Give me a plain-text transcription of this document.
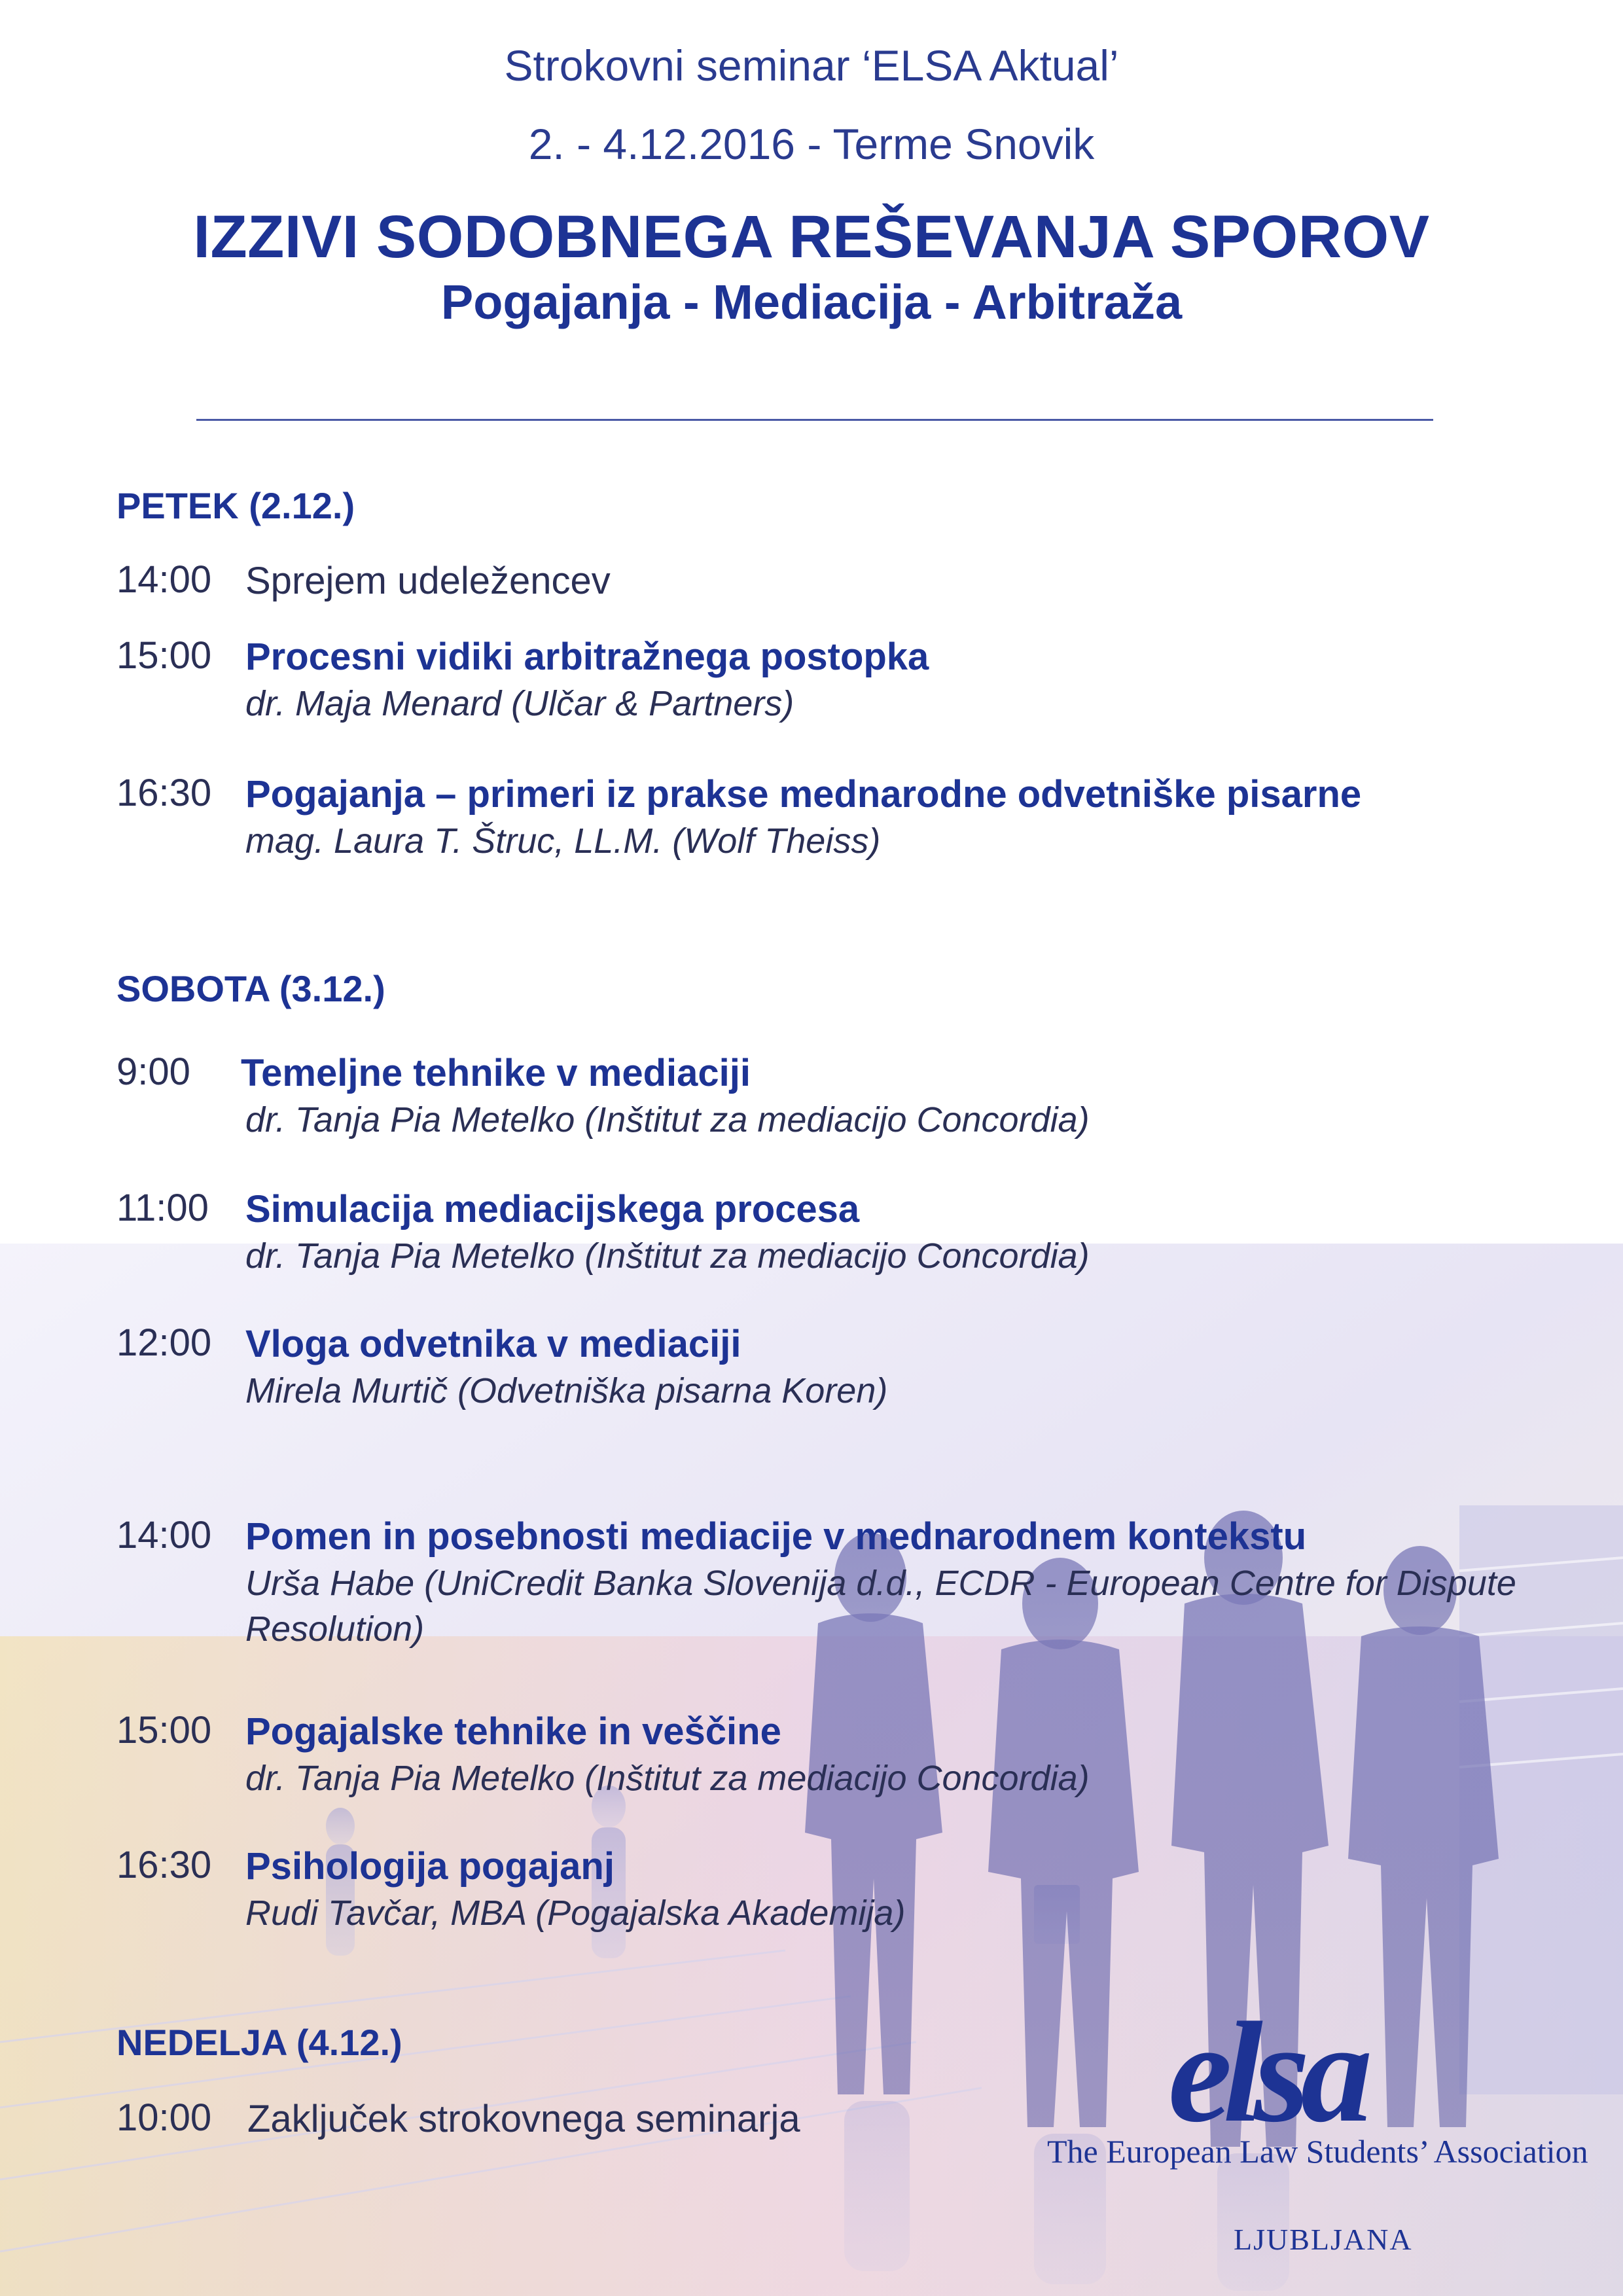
Strokovni seminar ‘ELSA Aktual’
2. - 4.12.2016 - Terme Snovik
IZZIVI SODOBNEGA REŠEVANJA SPOROV
Pogajanja - Mediacija - Arbitraža
PETEK (2.12.)
14:00 Sprejem udeležencev
15:00 Procesni vidiki arbitražnega postopka
dr. Maja Menard (Ulčar & Partners)
16:30 Pogajanja – primeri iz prakse mednarodne odvetniške pisarne
mag. Laura T. Štruc, LL.M. (Wolf Theiss)
SOBOTA (3.12.)
9:00 Temeljne tehnike v mediaciji
dr. Tanja Pia Metelko (Inštitut za mediacijo Concordia)
11:00 Simulacija mediacijskega procesa
dr. Tanja Pia Metelko (Inštitut za mediacijo Concordia)
12:00 Vloga odvetnika v mediaciji
Mirela Murtič (Odvetniška pisarna Koren)
14:00 Pomen in posebnosti mediacije v mednarodnem kontekstu
Urša Habe (UniCredit Banka Slovenija d.d., ECDR - European Centre for Dispute Resolution)
15:00 Pogajalske tehnike in veščine
dr. Tanja Pia Metelko (Inštitut za mediacijo Concordia)
16:30 Psihologija pogajanj
Rudi Tavčar, MBA (Pogajalska Akademija)
NEDELJA (4.12.)
10:00 Zaključek strokovnega seminarja	elsa
The European Law Students’ Association
LJUBLJANA
